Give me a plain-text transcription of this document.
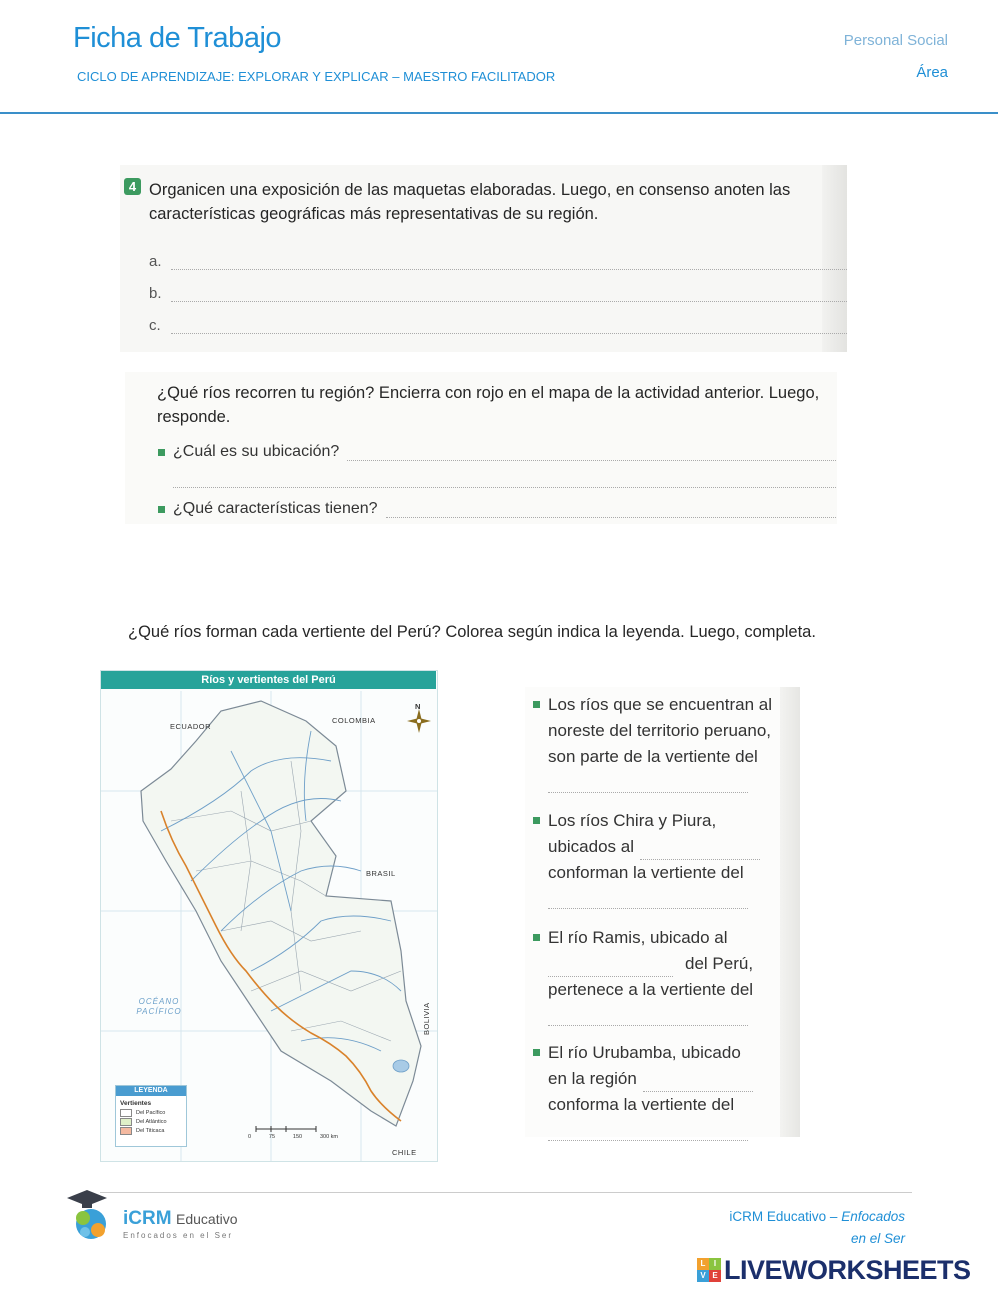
Ficha de Trabajo
CICLO DE APRENDIZAJE: EXPLORAR Y EXPLICAR – MAESTRO FACILITADOR
Personal Social
Área
4 Organicen una exposición de las maquetas elaboradas. Luego, en consenso anoten las características geográficas más representativas de su región.
a.
b.
c.
¿Qué ríos recorren tu región? Encierra con rojo en el mapa de la actividad anterior. Luego, responde.
¿Cuál es su ubicación?
¿Qué características tienen?
¿Qué ríos forman cada vertiente del Perú? Colorea según indica la leyenda. Luego, completa.
Ríos y vertientes del Perú
ECUADOR
COLOMBIA
BRASIL
BOLIVIA
CHILE
N
OCÉANO PACÍFICO
0	75	150	300 km
LEYENDA
Vertientes
Del Pacífico
Del Atlántico
Del Titicaca
Los ríos que se encuentran al
noreste del territorio peruano,
son parte de la vertiente del
Los ríos Chira y Piura,
ubicados al
conforman la vertiente del
El río Ramis, ubicado al
del Perú,
pertenece a la vertiente del
El río Urubamba, ubicado
en la región
conforma la vertiente del
iCRM Educativo
Enfocados en el Ser
iCRM Educativo – Enfocados
en el Ser
L	I
V E LIVEWORKSHEETS
